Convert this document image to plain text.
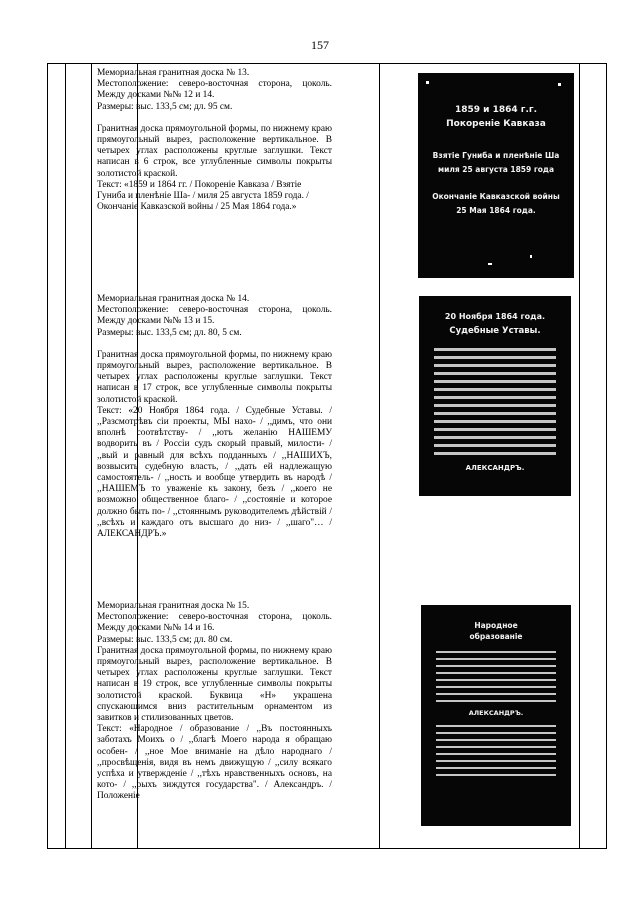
157

Мемориальная гранитная доска № 13.

Местоположение: северо-восточная сторона, цоколь. Между досками №№ 12 и 14.

Размеры: выс. 133,5 см; дл. 95 см.

Гранитная доска прямоугольной формы, по нижнему краю прямоугольный вырез, расположение вертикальное. В четырех углах расположены круглые заглушки. Текст написан в 6 строк, все углубленные символы покрыты золотистой краской.

Текст: «1859 и 1864 гг. / Покоренiе Кавказа / Взятiе Гуниба и пленѣнiе Ша- / миля 25 августа 1859 года. / Окончанiе Кавказской войны / 25 Мая 1864 года.»

Мемориальная гранитная доска № 14.

Местоположение: северо-восточная сторона, цоколь. Между досками №№ 13 и 15.

Размеры: выс. 133,5 см; дл. 80, 5 см.

Гранитная доска прямоугольной формы, по нижнему краю прямоугольный вырез, расположение вертикальное. В четырех углах расположены круглые заглушки. Текст написан в 17 строк, все углубленные символы покрыты золотистой краской.

Текст: «20 Ноября 1864 года. / Судебные Уставы. / ,,Разсмотрѣвъ сiи проекты, МЫ нахо- / ,,димъ, что они вполнѣ соотвѣтству- / ,,ютъ желанiю НАШЕМУ водворить въ / Россiи судъ скорый правый, милости- / ,,вый и равный для всѣхъ подданныхъ / ,,НАШИХЪ, возвысить судебную власть, / ,,дать ей надлежащую самостоятель- / ,,ность и вообще утвердить въ народѣ / ,,НАШЕМЪ то уваженiе къ закону, безъ / ,,коего не возможно общественное благо- / ,,состоянiе и которое должно быть по- / ,,стояннымъ руководителемъ дѣйствiй / ,,всѣхъ и каждаго отъ высшаго до низ- / ,,шаго"… / АЛЕКСАНДРЪ.»

Мемориальная гранитная доска № 15.

Местоположение: северо-восточная сторона, цоколь. Между досками №№ 14 и 16.

Размеры: выс. 133,5 см; дл. 80 см.

Гранитная доска прямоугольной формы, по нижнему краю прямоугольный вырез, расположение вертикальное. В четырех углах расположены круглые заглушки. Текст написан в 19 строк, все углубленные символы покрыты золотистой краской. Буквица «Н» украшена спускающимся вниз растительным орнаментом из завитков и стилизованных цветов.

Текст: «Народное / образование / ,,Въ постоянныхъ заботахъ Моихъ о / ,,благѣ Моего народа я обращаю особен- / ,,ное Мое вниманiе на дѣло народнаго / ,,просвѣщенiя, видя въ немъ движущую / ,,силу всякаго успѣха и утвержденiе / ,,тѣхъ нравственныхъ основъ, на кото- / ,,рыхъ зиждутся государства". / Александръ. / Положенiе

1859 и 1864 г.г.
Покоренiе Кавказа
Взятiе Гуниба и пленѣнiе Ша
миля 25 августа 1859 года
Окончанiе Кавказской войны
25 Мая 1864 года.
20 Ноября 1864 года.
Судебные Уставы.
АЛЕКСАНДРЪ.
Народное
образованiе
АЛЕКСАНДРЪ.
